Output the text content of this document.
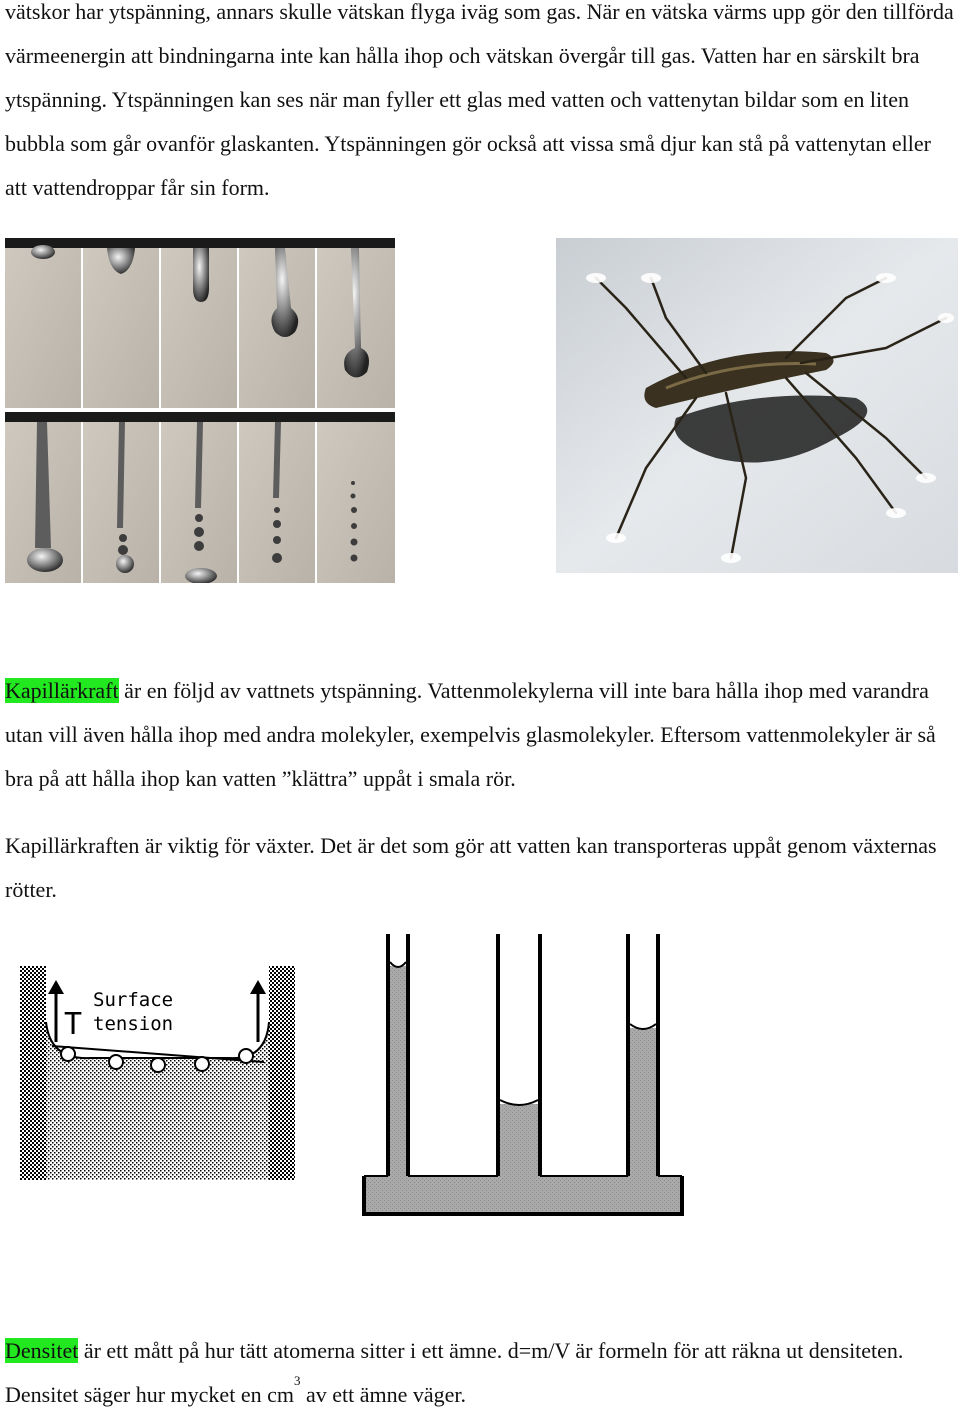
vätskor har ytspänning, annars skulle vätskan flyga iväg som gas. När en vätska värms upp gör den tillförda värmeenergin att bindningarna inte kan hålla ihop och vätskan övergår till gas. Vatten har en särskilt bra ytspänning. Ytspänningen kan ses när man fyller ett glas med vatten och vattenytan bildar som en liten bubbla som går ovanför glaskanten. Ytspänningen gör också att vissa små djur kan stå på vattenytan eller att vattendroppar får sin form.

Kapillärkraft är en följd av vattnets ytspänning. Vattenmolekylerna vill inte bara hålla ihop med varandra utan vill även hålla ihop med andra molekyler, exempelvis glasmolekyler. Eftersom vattenmolekyler är så bra på att hålla ihop kan vatten ”klättra” uppåt i smala rör.

Kapillärkraften är viktig för växter. Det är det som gör att vatten kan transporteras uppåt genom växternas rötter.

T
Surface
tension

Densitet är ett mått på hur tätt atomerna sitter i ett ämne. d=m/V är formeln för att räkna ut densiteten. Densitet säger hur mycket en $cm^3$ av ett ämne väger.
